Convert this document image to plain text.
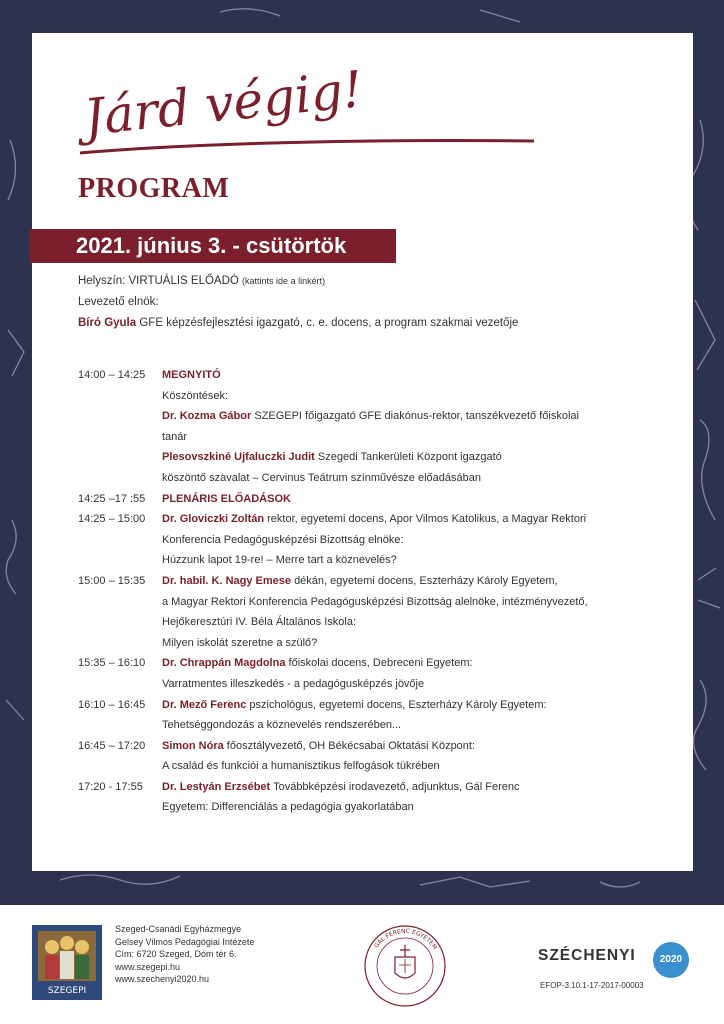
Járd végig!
PROGRAM
2021. június 3. - csütörtök
Helyszín: VIRTUÁLIS ELŐADÓ (kattints ide a linkért)
Levezető elnök:
Bíró Gyula GFE képzésfejlesztési igazgató, c. e. docens, a program szakmai vezetője
14:00 – 14:25	MEGNYITÓ
Köszöntések:
Dr. Kozma Gábor SZEGEPI főigazgató GFE diakónus-rektor, tanszékvezető főiskolai
tanár
Plesovszkiné Ujfaluczki Judit Szegedi Tankerületi Központ igazgató
köszöntő szavalat – Cervinus Teátrum színművésze előadásában
14:25 –17 :55	PLENÁRIS ELŐADÁSOK
14:25 – 15:00	Dr. Gloviczki Zoltán rektor, egyetemi docens, Apor Vilmos Katolikus, a Magyar Rektori
Konferencia Pedagógusképzési Bizottság elnöke:
Húzzunk lapot 19-re! – Merre tart a köznevelés?
15:00 – 15:35	Dr. habil. K. Nagy Emese dékán, egyetemi docens, Eszterházy Károly Egyetem,
a Magyar Rektori Konferencia Pedagógusképzési Bizottság alelnöke, intézményvezető,
Hejőkeresztúri IV. Béla Általános Iskola:
Milyen iskolát szeretne a szülő?
15:35 – 16:10	Dr. Chrappán Magdolna főiskolai docens, Debreceni Egyetem:
Varratmentes illeszkedés - a pedagógusképzés jövője
16:10 – 16:45	Dr. Mező Ferenc pszichológus, egyetemi docens, Eszterházy Károly Egyetem:
Tehetséggondozás a köznevelés rendszerében...
16:45 – 17:20	Simon Nóra főosztályvezető, OH Békécsabai Oktatási Központ:
A család és funkciói a humanisztikus felfogások tükrében
17:20 - 17:55	Dr. Lestyán Erzsébet Továbbképzési irodavezető, adjunktus, Gál Ferenc
Egyetem: Differenciálás a pedagógia gyakorlatában
SZEGEPI
Szeged-Csanádi Egyházmegye
Gelsey Vilmos Pedagógiai Intézete
Cím: 6720 Szeged, Dóm tér 6.
www.szegepi.hu
www.szechenyi2020.hu
GÁL FERENC EGYETEM
SZÉCHENYI	2020
EFOP-3.10.1-17-2017-00003
